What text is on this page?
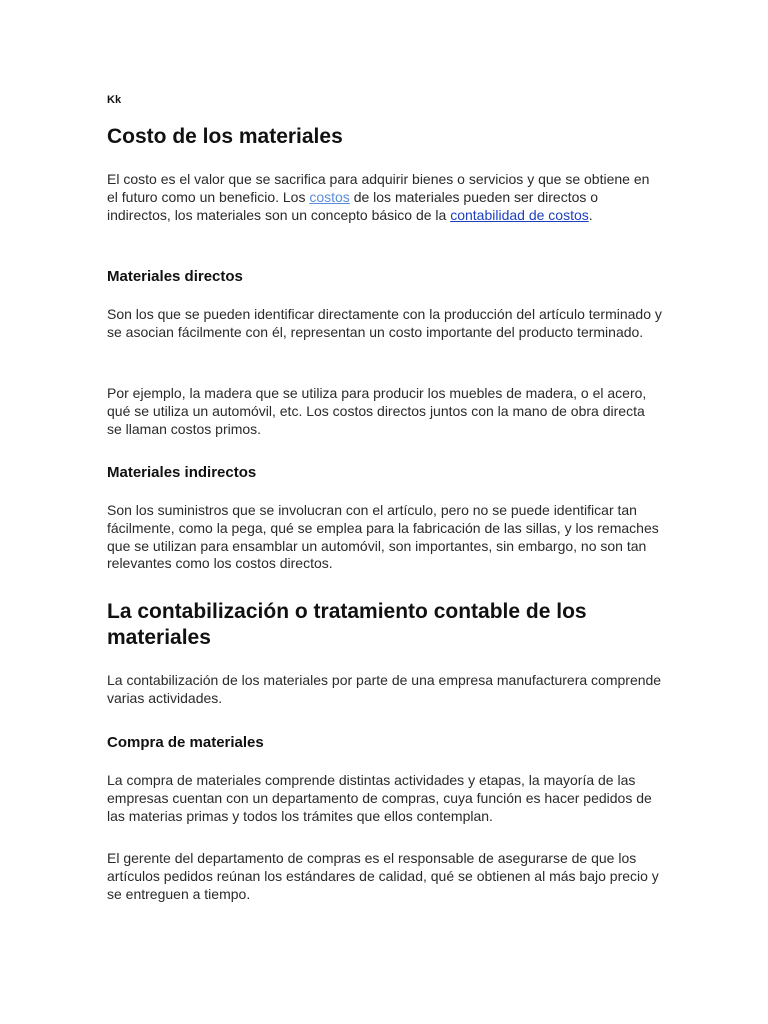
Kk
Costo de los materiales

El costo es el valor que se sacrifica para adquirir bienes o servicios y que se obtiene en el futuro como un beneficio. Los costos de los materiales pueden ser directos o indirectos, los materiales son un concepto básico de la contabilidad de costos.

Materiales directos

Son los que se pueden identificar directamente con la producción del artículo terminado y se asocian fácilmente con él, representan un costo importante del producto terminado.

Por ejemplo, la madera que se utiliza para producir los muebles de madera, o el acero, qué se utiliza un automóvil, etc. Los costos directos juntos con la mano de obra directa se llaman costos primos.

Materiales indirectos

Son los suministros que se involucran con el artículo, pero no se puede identificar tan fácilmente, como la pega, qué se emplea para la fabricación de las sillas, y los remaches que se utilizan para ensamblar un automóvil, son importantes, sin embargo, no son tan relevantes como los costos directos.

La contabilización o tratamiento contable de los materiales

La contabilización de los materiales por parte de una empresa manufacturera comprende varias actividades.

Compra de materiales

La compra de materiales comprende distintas actividades y etapas, la mayoría de las empresas cuentan con un departamento de compras, cuya función es hacer pedidos de las materias primas y todos los trámites que ellos contemplan.

El gerente del departamento de compras es el responsable de asegurarse de que los artículos pedidos reúnan los estándares de calidad, qué se obtienen al más bajo precio y se entreguen a tiempo.
